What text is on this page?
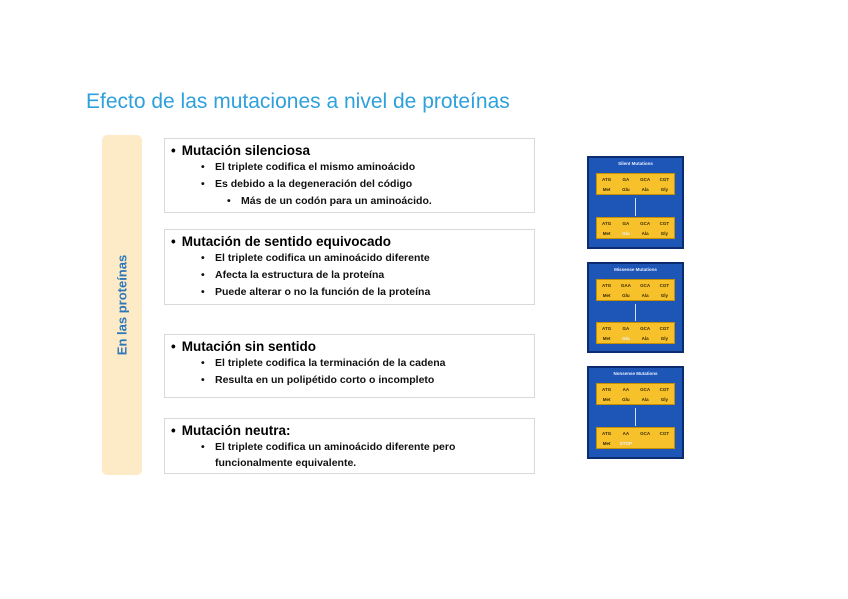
Efecto de las mutaciones a nivel de proteínas
En las proteínas
• Mutación silenciosa
• El triplete codifica el mismo aminoácido
• Es debido a la degeneración del código
• Más de un codón para un aminoácido.
• Mutación de sentido equivocado
• El triplete codifica un aminoácido diferente
• Afecta la estructura de la proteína
• Puede alterar o no la función de la proteína
• Mutación sin sentido
• El triplete codifica la terminación de la cadena
• Resulta en un polipétido corto o incompleto
• Mutación neutra:
• El triplete codifica un aminoácido diferente pero funcionalmente equivalente.
Silent Mutations
ATG	GA	GCA	CGT
Met	Glu	Ala	Gly
ATG	GA	GCA	CGT
Met	Glu	Ala	Gly
Missense Mutations
ATG	GAA	GCA	CGT
Met	Glu	Ala	Gly
ATG	GA	GCA	CGT
Met	Glu	Ala	Gly
Nonsense Mutations
ATG	AA	GCA	CGT
Met	Glu	Ala	Gly
ATG	AA	GCA	CGT
Met	STOP
